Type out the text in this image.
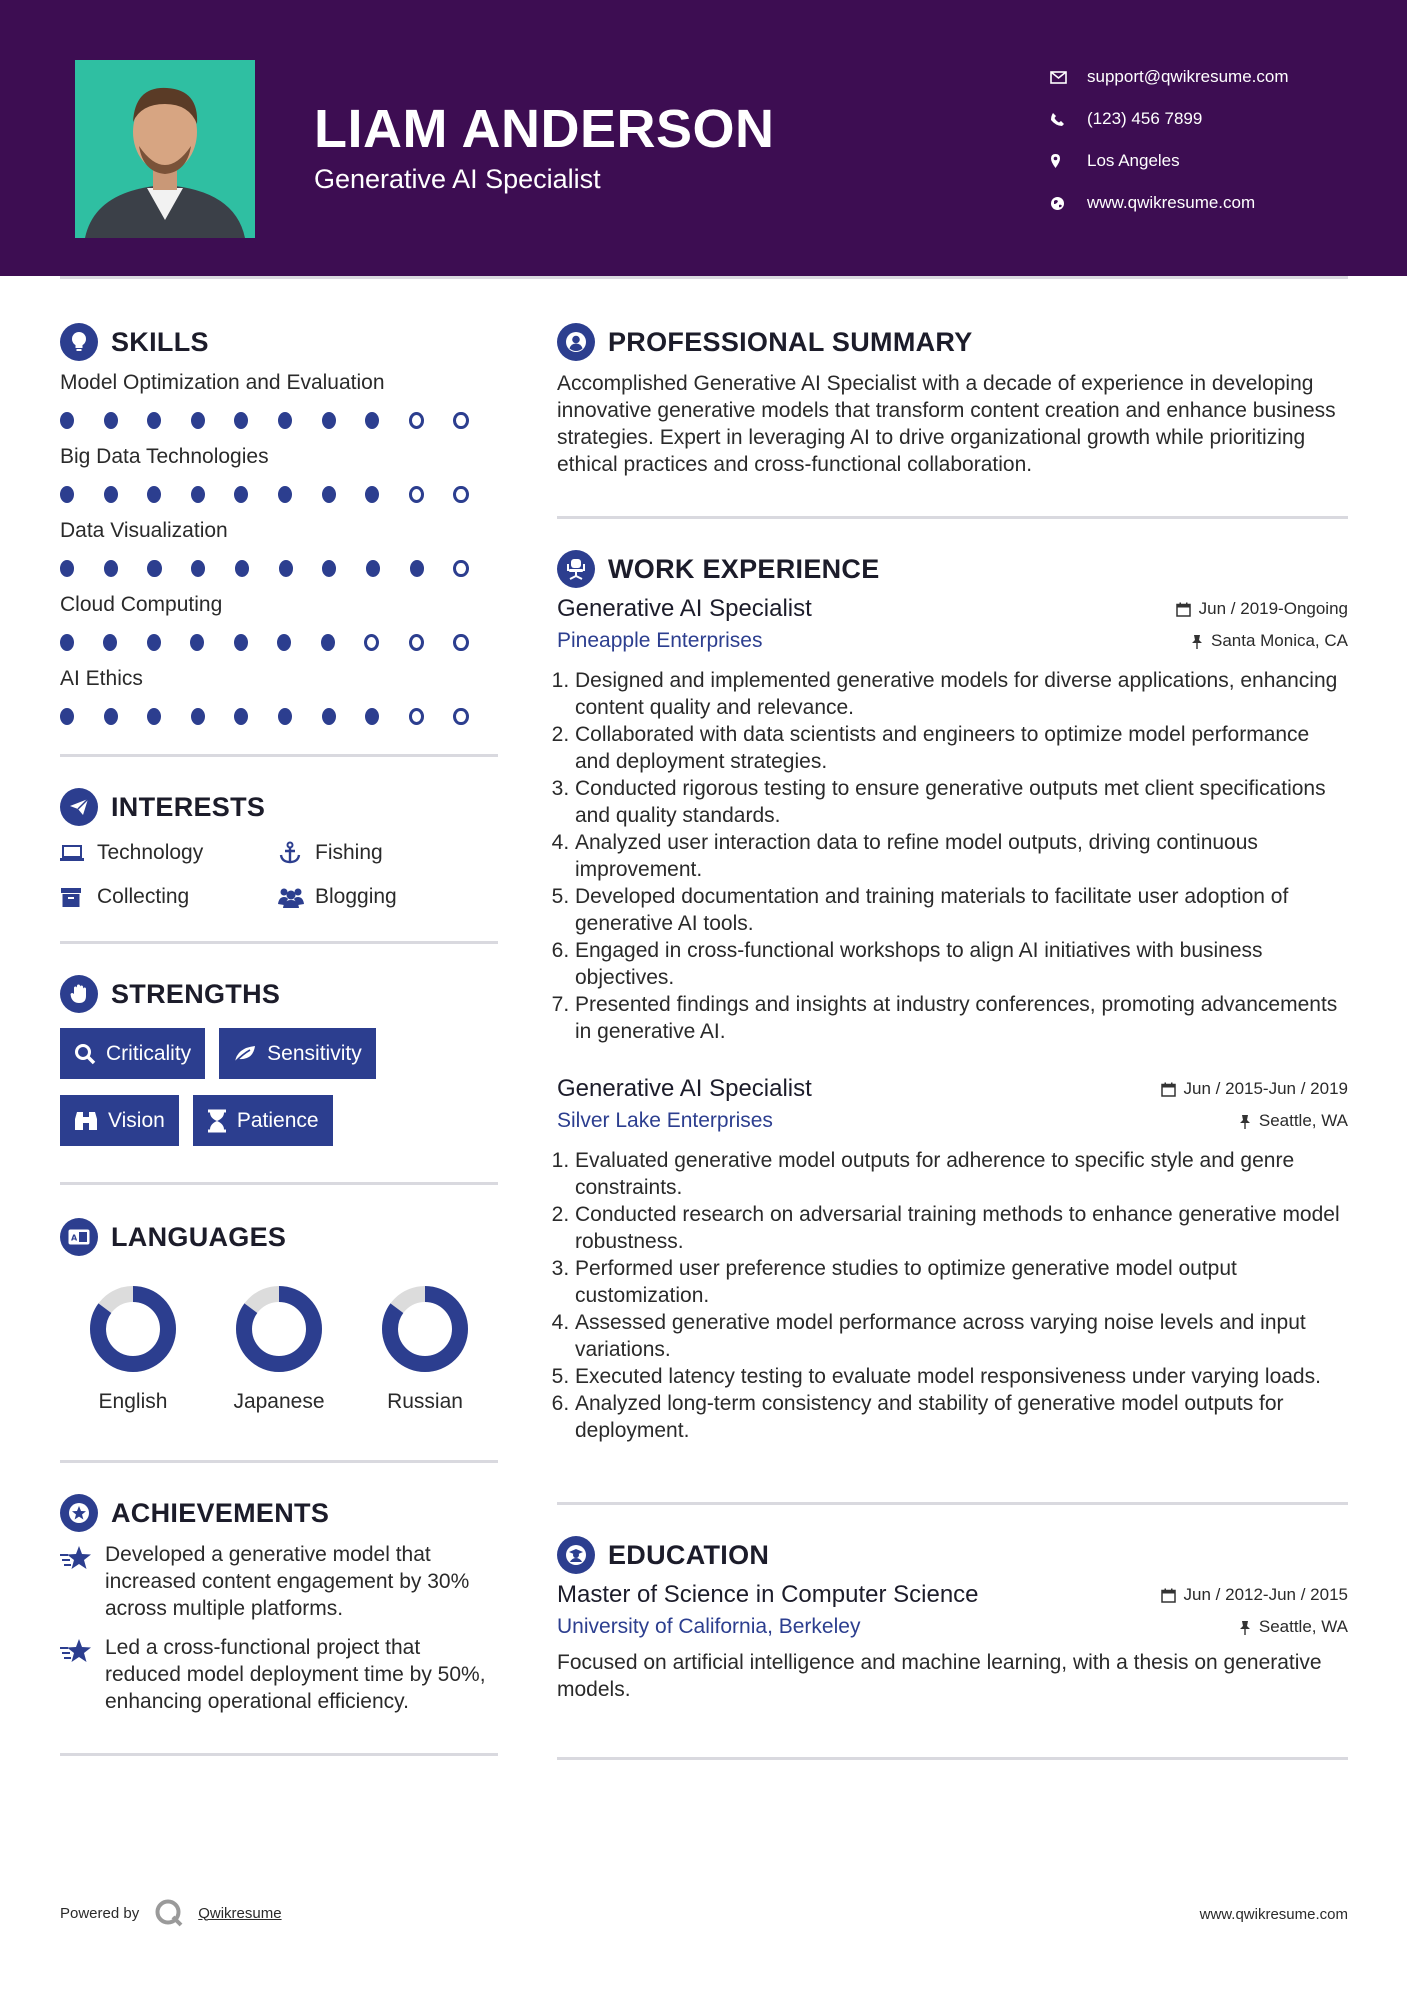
LIAM ANDERSON
Generative AI Specialist
support@qwikresume.com
(123) 456 7899
Los Angeles
www.qwikresume.com
SKILLS
Model Optimization and Evaluation
Big Data Technologies
Data Visualization
Cloud Computing
AI Ethics
INTERESTS
Technology	Fishing
Collecting	Blogging
STRENGTHS
Criticality	Sensitivity
Vision	Patience
A LANGUAGES
English	Japanese	Russian
ACHIEVEMENTS
Developed a generative model that increased content engagement by 30% across multiple platforms.
Led a cross-functional project that reduced model deployment time by 50%, enhancing operational efficiency.
PROFESSIONAL SUMMARY

Accomplished Generative AI Specialist with a decade of experience in developing innovative generative models that transform content creation and enhance business strategies. Expert in leveraging AI to drive organizational growth while prioritizing ethical practices and cross-functional collaboration.

WORK EXPERIENCE
Generative AI Specialist	Jun / 2019-Ongoing
Pineapple Enterprises	Santa Monica, CA
1. Designed and implemented generative models for diverse applications, enhancing content quality and relevance.
2. Collaborated with data scientists and engineers to optimize model performance and deployment strategies.
3. Conducted rigorous testing to ensure generative outputs met client specifications and quality standards.
4. Analyzed user interaction data to refine model outputs, driving continuous improvement.
5. Developed documentation and training materials to facilitate user adoption of generative AI tools.
6. Engaged in cross-functional workshops to align AI initiatives with business objectives.
7. Presented findings and insights at industry conferences, promoting advancements in generative AI.
Generative AI Specialist	Jun / 2015-Jun / 2019
Silver Lake Enterprises	Seattle, WA
1. Evaluated generative model outputs for adherence to specific style and genre constraints.
2. Conducted research on adversarial training methods to enhance generative model robustness.
3. Performed user preference studies to optimize generative model output customization.
4. Assessed generative model performance across varying noise levels and input variations.
5. Executed latency testing to evaluate model responsiveness under varying loads.
6. Analyzed long-term consistency and stability of generative model outputs for deployment.
EDUCATION
Master of Science in Computer Science	Jun / 2012-Jun / 2015
University of California, Berkeley	Seattle, WA

Focused on artificial intelligence and machine learning, with a thesis on generative models.

Powered by	Qwikresume	www.qwikresume.com
